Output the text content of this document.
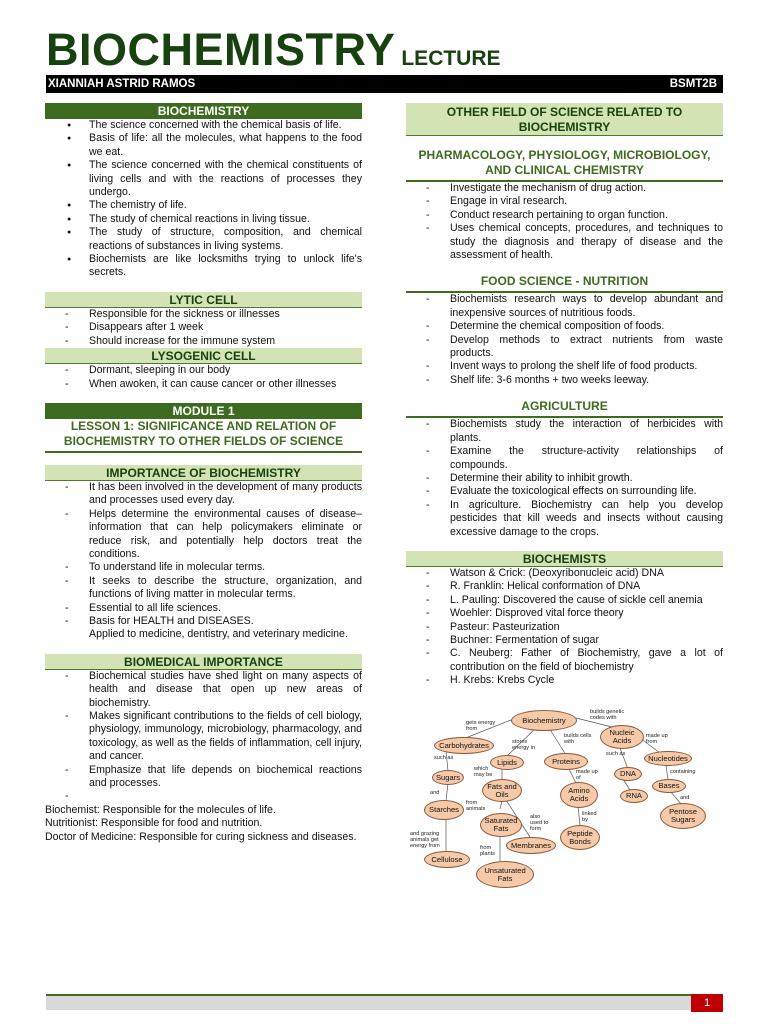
BIOCHEMISTRY LECTURE
XIANNIAH ASTRID RAMOS	BSMT2B
BIOCHEMISTRY
● The science concerned with the chemical basis of life.
● Basis of life: all the molecules, what happens to the food we eat.
● The science concerned with the chemical constituents of living cells and with the reactions of processes they undergo.
● The chemistry of life.
● The study of chemical reactions in living tissue.
● The study of structure, composition, and chemical reactions of substances in living systems.
● Biochemists are like locksmiths trying to unlock life's secrets.
LYTIC CELL
- Responsible for the sickness or illnesses
- Disappears after 1 week
- Should increase for the immune system
LYSOGENIC CELL
- Dormant, sleeping in our body
- When awoken, it can cause cancer or other illnesses
MODULE 1
LESSON 1: SIGNIFICANCE AND RELATION OF BIOCHEMISTRY TO OTHER FIELDS OF SCIENCE
IMPORTANCE OF BIOCHEMISTRY
- It has been involved in the development of many products and processes used every day.
- Helps determine the environmental causes of disease–information that can help policymakers eliminate or reduce risk, and potentially help doctors treat the conditions.
- To understand life in molecular terms.
- It seeks to describe the structure, organization, and functions of living matter in molecular terms.
- Essential to all life sciences.
- Basis for HEALTH and DISEASES.
Applied to medicine, dentistry, and veterinary medicine.
BIOMEDICAL IMPORTANCE
- Biochemical studies have shed light on many aspects of health and disease that open up new areas of biochemistry.
- Makes significant contributions to the fields of cell biology, physiology, immunology, microbiology, pharmacology, and toxicology, as well as the fields of inflammation, cell injury, and cancer.
- Emphasize that life depends on biochemical reactions and processes.
-
Biochemist: Responsible for the molecules of life.
Nutritionist: Responsible for food and nutrition.
Doctor of Medicine: Responsible for curing sickness and diseases.
OTHER FIELD OF SCIENCE RELATED TO BIOCHEMISTRY
PHARMACOLOGY, PHYSIOLOGY, MICROBIOLOGY, AND CLINICAL CHEMISTRY
- Investigate the mechanism of drug action.
- Engage in viral research.
- Conduct research pertaining to organ function.
- Uses chemical concepts, procedures, and techniques to study the diagnosis and therapy of disease and the assessment of health.
FOOD SCIENCE - NUTRITION
- Biochemists research ways to develop abundant and inexpensive sources of nutritious foods.
- Determine the chemical composition of foods.
- Develop methods to extract nutrients from waste products.
- Invent ways to prolong the shelf life of food products.
- Shelf life: 3-6 months + two weeks leeway.
AGRICULTURE
- Biochemists study the interaction of herbicides with plants.
- Examine the structure-activity relationships of compounds.
- Determine their ability to inhibit growth.
- Evaluate the toxicological effects on surrounding life.
- In agriculture. Biochemistry can help you develop pesticides that kill weeds and insects without causing excessive damage to the crops.
BIOCHEMISTS
- Watson & Crick: (Deoxyribonucleic acid) DNA
- R. Franklin: Helical conformation of DNA
- L. Pauling: Discovered the cause of sickle cell anemia
- Woehler: Disproved vital force theory
- Pasteur: Pasteurization
- Buchner: Fermentation of sugar
- C. Neuberg: Father of Biochemistry, gave a lot of contribution on the field of biochemistry
- H. Krebs: Krebs Cycle
Biochemistry
Carbohydrates
Lipids	Proteins
Nucleic Acids
Nucleotides
Sugars
Fats and Oils	Amino Acids
DNA
RNA
Bases
Starches
Saturated Fats	Peptide Bonds
Pentose Sugars
Membranes
Cellulose
Unsaturated Fats
gets energy from
builds genetic codes with
stores energy in
builds cells with
made up from
such as
such as
which may be
made up of
containing
and
and
from animals
also used to form
linked by
and grazing animals get energy from	from plants
1
